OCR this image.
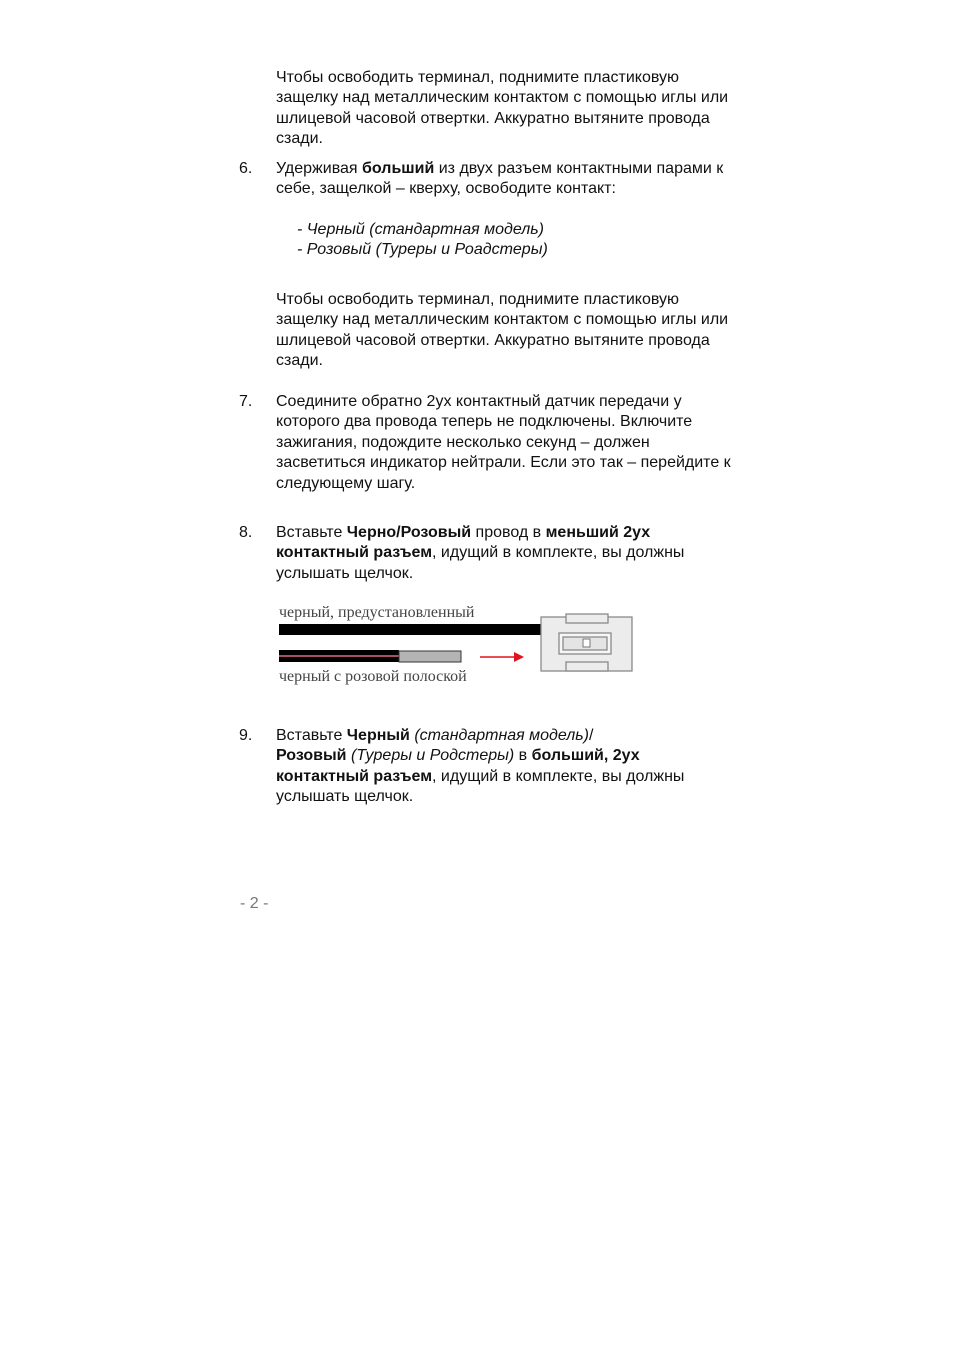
Чтобы освободить терминал, поднимите пластиковую защелку над металлическим контактом с помощью иглы или шлицевой часовой отвертки. Аккуратно вытяните провода сзади.
6. Удерживая больший из двух разъем контактными парами к себе, защелкой – кверху, освободите контакт:
- Черный (стандартная модель)
- Розовый (Туреры и Роадстеры)
Чтобы освободить терминал, поднимите пластиковую защелку над металлическим контактом с помощью иглы или шлицевой часовой отвертки. Аккуратно вытяните провода сзади.
7. Соедините обратно 2ух контактный датчик передачи у которого два провода теперь не подключены. Включите зажигания, подождите несколько секунд – должен засветиться индикатор нейтрали. Если это так – перейдите к следующему шагу.
8. Вставьте Черно/Розовый провод в меньший 2ух контактный разъем, идущий в комплекте, вы должны услышать щелчок.
черный, предустановленный
черный с розовой полоской
9. Вставьте Черный (стандартная модель)/
Розовый (Туреры и Родстеры) в больший, 2ух контактный разъем, идущий в комплекте, вы должны услышать щелчок.
- 2 -
